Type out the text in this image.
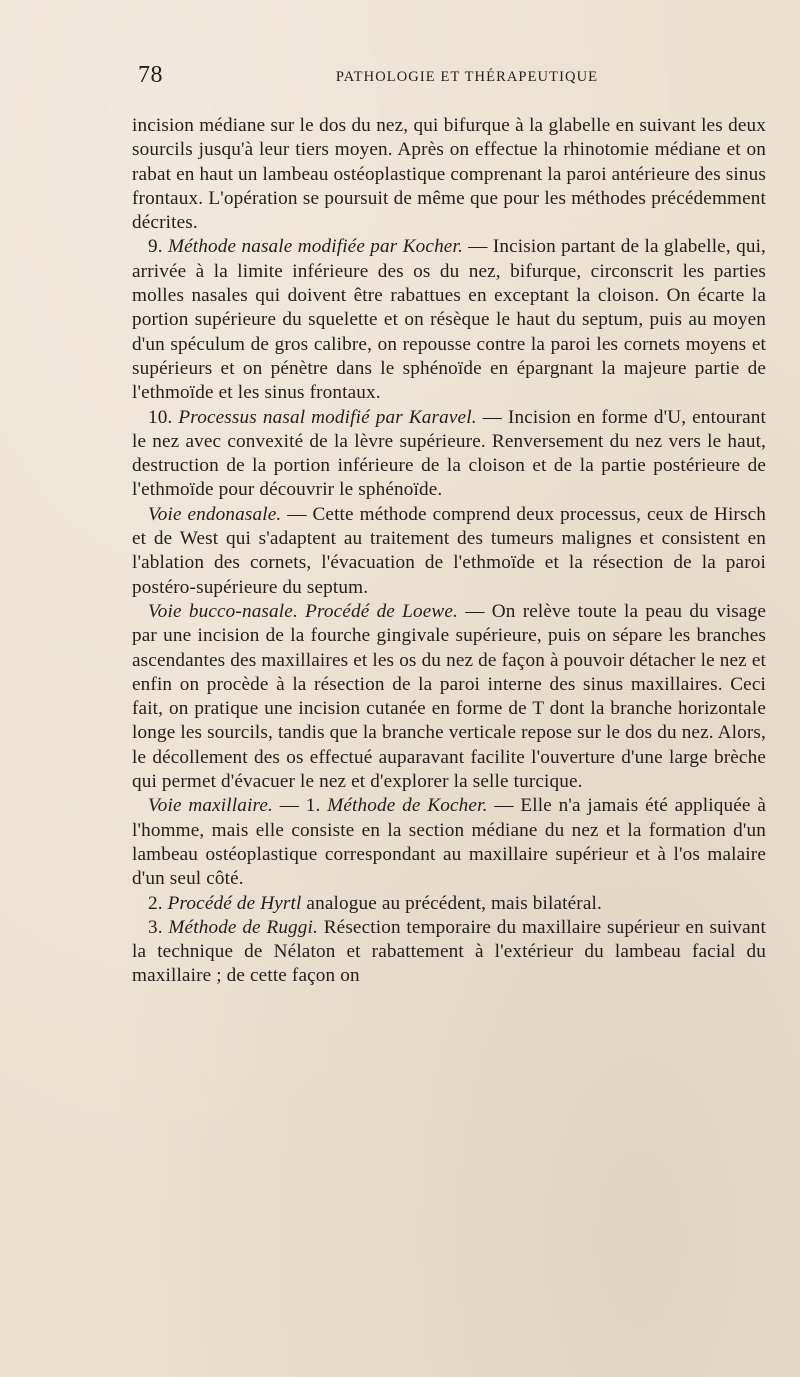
78	PATHOLOGIE ET THÉRAPEUTIQUE

incision médiane sur le dos du nez, qui bifurque à la glabelle en suivant les deux sourcils jusqu'à leur tiers moyen. Après on effectue la rhinotomie médiane et on rabat en haut un lambeau ostéoplastique comprenant la paroi antérieure des sinus frontaux. L'opération se poursuit de même que pour les méthodes précédemment décrites.

9. Méthode nasale modifiée par Kocher. — Incision partant de la glabelle, qui, arrivée à la limite inférieure des os du nez, bifurque, circonscrit les parties molles nasales qui doivent être rabattues en exceptant la cloison. On écarte la portion supérieure du squelette et on résèque le haut du septum, puis au moyen d'un spéculum de gros calibre, on repousse contre la paroi les cornets moyens et supérieurs et on pénètre dans le sphénoïde en épargnant la majeure partie de l'ethmoïde et les sinus frontaux.

10. Processus nasal modifié par Karavel. — Incision en forme d'U, entourant le nez avec convexité de la lèvre supérieure. Renversement du nez vers le haut, destruction de la portion inférieure de la cloison et de la partie postérieure de l'ethmoïde pour découvrir le sphénoïde.

Voie endonasale. — Cette méthode comprend deux processus, ceux de Hirsch et de West qui s'adaptent au traitement des tumeurs malignes et consistent en l'ablation des cornets, l'évacuation de l'ethmoïde et la résection de la paroi postéro-supérieure du septum.

Voie bucco-nasale. Procédé de Loewe. — On relève toute la peau du visage par une incision de la fourche gingivale supérieure, puis on sépare les branches ascendantes des maxillaires et les os du nez de façon à pouvoir détacher le nez et enfin on procède à la résection de la paroi interne des sinus maxillaires. Ceci fait, on pratique une incision cutanée en forme de T dont la branche horizontale longe les sourcils, tandis que la branche verticale repose sur le dos du nez. Alors, le décollement des os effectué auparavant facilite l'ouverture d'une large brèche qui permet d'évacuer le nez et d'explorer la selle turcique.

Voie maxillaire. — 1. Méthode de Kocher. — Elle n'a jamais été appliquée à l'homme, mais elle consiste en la section médiane du nez et la formation d'un lambeau ostéoplastique correspondant au maxillaire supérieur et à l'os malaire d'un seul côté.

2. Procédé de Hyrtl analogue au précédent, mais bilatéral.

3. Méthode de Ruggi. Résection temporaire du maxillaire supérieur en suivant la technique de Nélaton et rabattement à l'extérieur du lambeau facial du maxillaire ; de cette façon on
